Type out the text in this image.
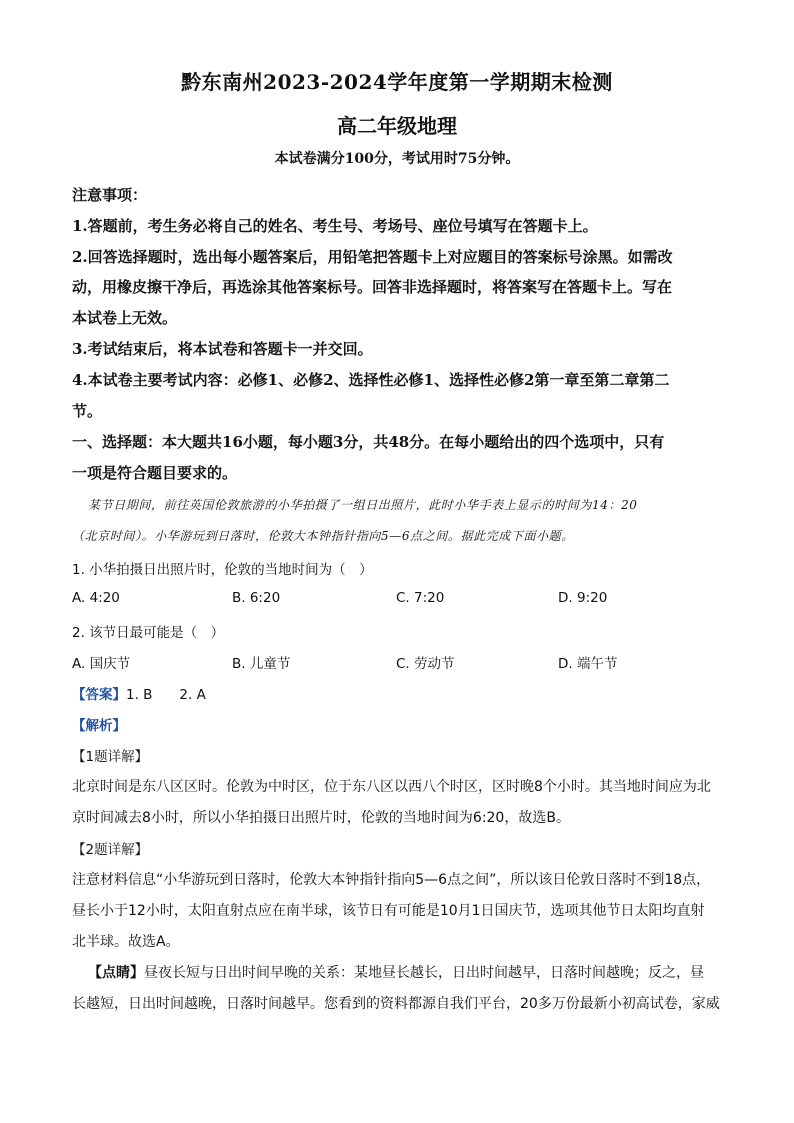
黔东南州2023-2024学年度第一学期期末检测
高二年级地理
本试卷满分100分，考试用时75分钟。
注意事项：
1.答题前，考生务必将自己的姓名、考生号、考场号、座位号填写在答题卡上。
2.回答选择题时，选出每小题答案后，用铅笔把答题卡上对应题目的答案标号涂黑。如需改
动，用橡皮擦干净后，再选涂其他答案标号。回答非选择题时，将答案写在答题卡上。写在
本试卷上无效。
3.考试结束后，将本试卷和答题卡一并交回。
4.本试卷主要考试内容：必修1、必修2、选择性必修1、选择性必修2第一章至第二章第二
节。
一、选择题：本大题共16小题，每小题3分，共48分。在每小题给出的四个选项中，只有
一项是符合题目要求的。
某节日期间，前往英国伦敦旅游的小华拍摄了一组日出照片，此时小华手表上显示的时间为14：20
（北京时间）。小华游玩到日落时，伦敦大本钟指针指向5—6点之间。据此完成下面小题。
1. 小华拍摄日出照片时，伦敦的当地时间为（　）
A. 4:20	B. 6:20	C. 7:20	D. 9:20
2. 该节日最可能是（　）
A. 国庆节	B. 儿童节	C. 劳动节	D. 端午节
【答案】1. B　　2. A
【解析】
【1题详解】
北京时间是东八区区时。伦敦为中时区，位于东八区以西八个时区，区时晚8个小时。其当地时间应为北
京时间减去8小时，所以小华拍摄日出照片时，伦敦的当地时间为6:20，故选B。
【2题详解】
注意材料信息“小华游玩到日落时，伦敦大本钟指针指向5—6点之间”，所以该日伦敦日落时不到18点，
昼长小于12小时，太阳直射点应在南半球，该节日有可能是10月1日国庆节，选项其他节日太阳均直射
北半球。故选A。
【点睛】昼夜长短与日出时间早晚的关系：某地昼长越长，日出时间越早，日落时间越晚；反之，昼
长越短，日出时间越晚，日落时间越早。您看到的资料都源自我们平台，20多万份最新小初高试卷，家威
